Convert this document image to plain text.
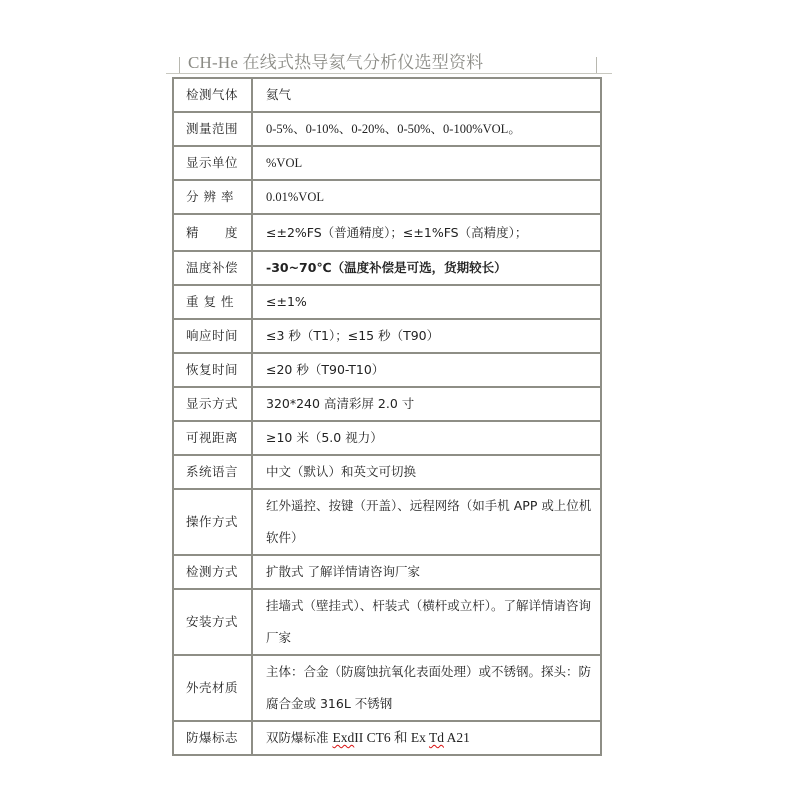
CH-He 在线式热导氦气分析仪选型资料
检测气体	氦气
测量范围	0-5%、0-10%、0-20%、0-50%、0-100%VOL。
显示单位	%VOL
分 辨 率	0.01%VOL
精　　度	≤±2%FS（普通精度）；≤±1%FS（高精度）；
温度补偿	-30~70℃（温度补偿是可选，货期较长）
重 复 性	≤±1%
响应时间	≤3 秒（T1）；≤15 秒（T90）
恢复时间	≤20 秒（T90-T10）
显示方式	320*240 高清彩屏 2.0 寸
可视距离	≥10 米（5.0 视力）
系统语言	中文（默认）和英文可切换
操作方式	红外遥控、按键（开盖）、远程网络（如手机 APP 或上位机软件）
检测方式	扩散式 了解详情请咨询厂家
安装方式	挂墙式（壁挂式）、杆装式（横杆或立杆）。了解详情请咨询厂家
外壳材质	主体：合金（防腐蚀抗氧化表面处理）或不锈钢。探头：防腐合金或 316L 不锈钢
防爆标志	双防爆标准 ExdII CT6 和 Ex Td A21
